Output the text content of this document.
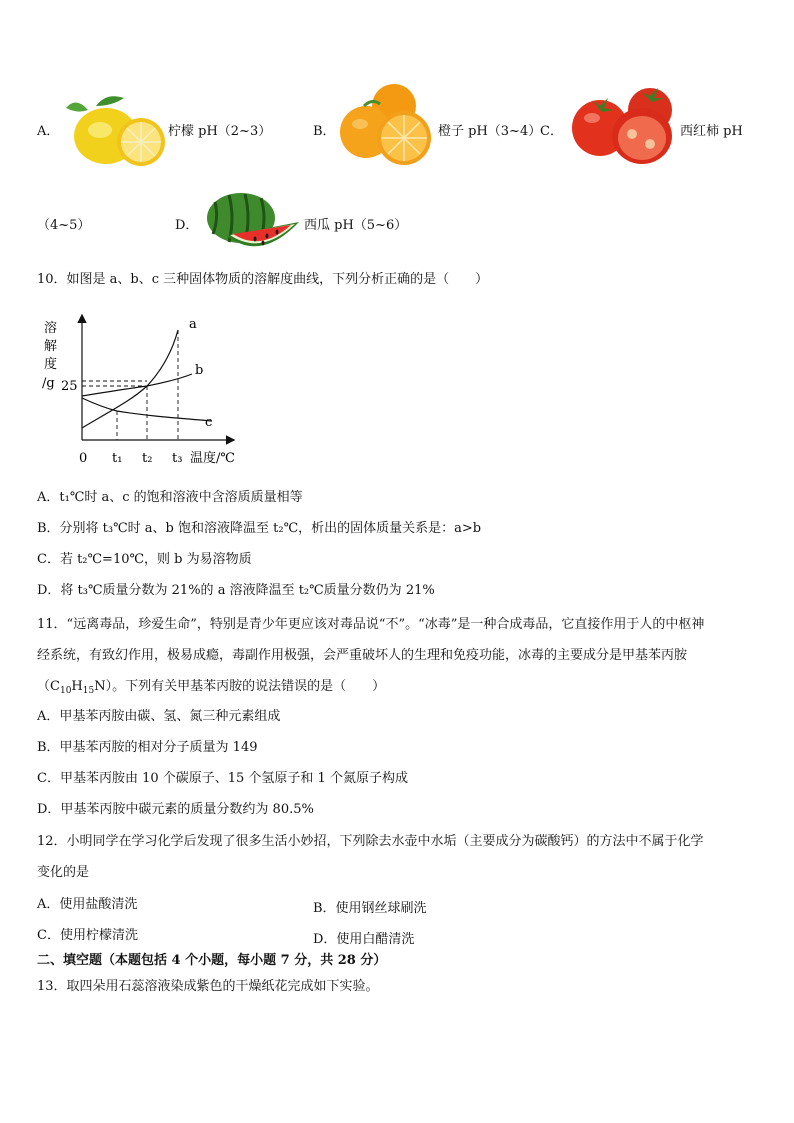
A．	柠檬 pH（2~3）	B．	橙子 pH（3~4）
C．	西红柿 pH
（4~5）	D．	西瓜 pH（5~6）
10．如图是 a、b、c 三种固体物质的溶解度曲线，下列分析正确的是（　　）
溶
解
度
/g 25
a
b
c
0 t₁ t₂ t₃ 温度/℃
A．t₁℃时 a、c 的饱和溶液中含溶质质量相等
B．分别将 t₃℃时 a、b 饱和溶液降温至 t₂℃，析出的固体质量关系是：a>b
C．若 t₂℃=10℃，则 b 为易溶物质
D．将 t₃℃质量分数为 21%的 a 溶液降温至 t₂℃质量分数仍为 21%
11．“远离毒品，珍爱生命”，特别是青少年更应该对毒品说“不”。“冰毒”是一种合成毒品，它直接作用于人的中枢神
经系统，有致幻作用，极易成瘾，毒副作用极强，会严重破坏人的生理和免疫功能，冰毒的主要成分是甲基苯丙胺
$(C_{10}H_{15}N)$。下列有关甲基苯丙胺的说法错误的是（　　）
A．甲基苯丙胺由碳、氢、氮三种元素组成
B．甲基苯丙胺的相对分子质量为 149
C．甲基苯丙胺由 10 个碳原子、15 个氢原子和 1 个氮原子构成
D．甲基苯丙胺中碳元素的质量分数约为 80.5%
12．小明同学在学习化学后发现了很多生活小妙招，下列除去水壶中水垢（主要成分为碳酸钙）的方法中不属于化学
变化的是
A．使用盐酸清洗	B．使用钢丝球刷洗
C．使用柠檬清洗	D．使用白醋清洗
二、填空题（本题包括 4 个小题，每小题 7 分，共 28 分）
13．取四朵用石蕊溶液染成紫色的干燥纸花完成如下实验。
